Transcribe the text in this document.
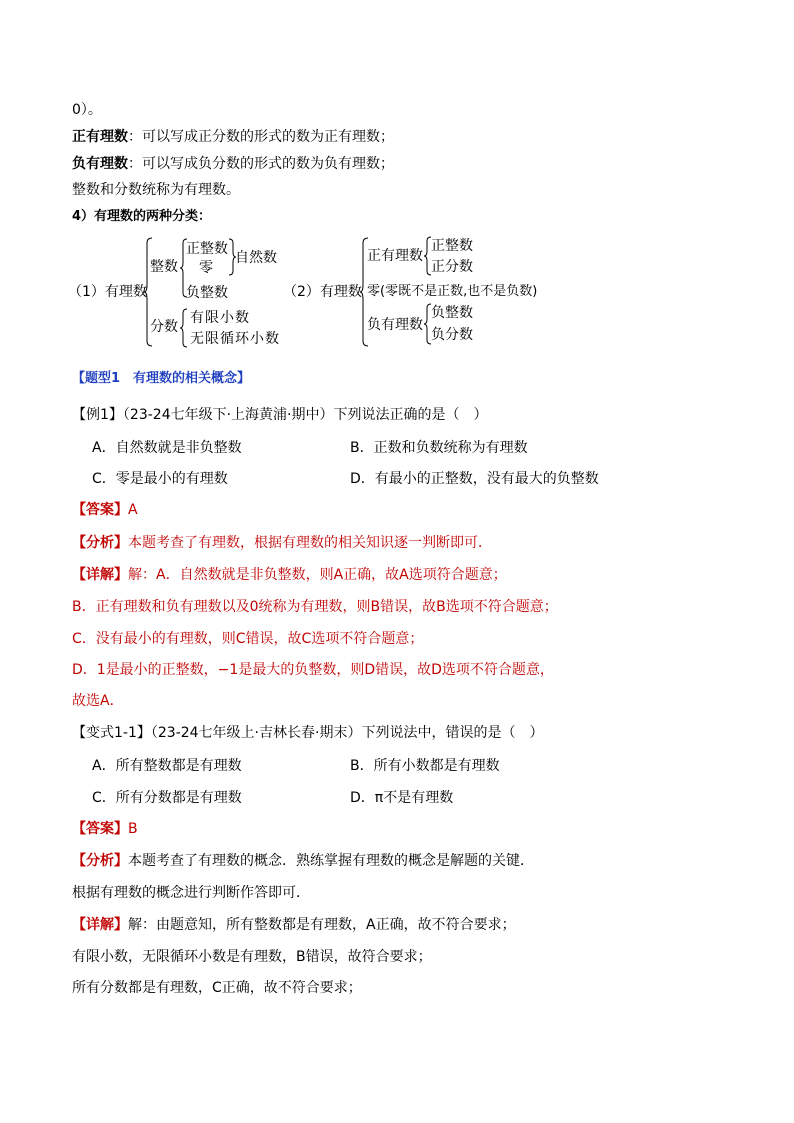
0）。
正有理数：可以写成正分数的形式的数为正有理数；
负有理数：可以写成负分数的形式的数为负有理数；
整数和分数统称为有理数。
4）有理数的两种分类：
（1）有理数
整数
正整数
零
负整数
自然数
分数
有限小数
无限循环小数
（2）有理数
正有理数
正整数
正分数
零(零既不是正数,也不是负数)
负有理数
负整数
负分数
【题型1　有理数的相关概念】
【例1】（23-24七年级下·上海黄浦·期中）下列说法正确的是（　）
A．自然数就是非负整数	B．正数和负数统称为有理数
C．零是最小的有理数	D．有最小的正整数，没有最大的负整数
【答案】A
【分析】本题考查了有理数，根据有理数的相关知识逐一判断即可．
【详解】解：A．自然数就是非负整数，则A正确，故A选项符合题意；
B．正有理数和负有理数以及0统称为有理数，则B错误，故B选项不符合题意；
C．没有最小的有理数，则C错误，故C选项不符合题意；
D．1是最小的正整数，−1是最大的负整数，则D错误，故D选项不符合题意，
故选A．
【变式1-1】（23-24七年级上·吉林长春·期末）下列说法中，错误的是（　）
A．所有整数都是有理数	B．所有小数都是有理数
C．所有分数都是有理数	D．π不是有理数
【答案】B
【分析】本题考查了有理数的概念．熟练掌握有理数的概念是解题的关键．
根据有理数的概念进行判断作答即可．
【详解】解：由题意知，所有整数都是有理数，A正确，故不符合要求；
有限小数，无限循环小数是有理数，B错误，故符合要求；
所有分数都是有理数，C正确，故不符合要求；
